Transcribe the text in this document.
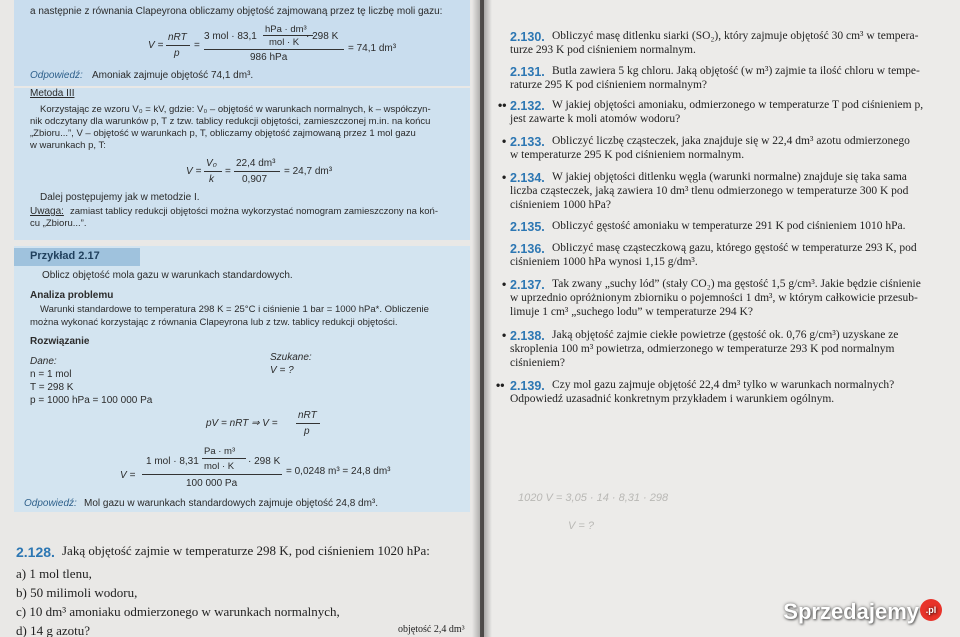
a następnie z równania Clapeyrona obliczamy objętość zajmowaną przez tę liczbę moli gazu:
V =
nRT
p
=
3 mol · 83,1
hPa · dm³
mol · K
· 298 K
986 hPa
= 74,1 dm³
Odpowiedź: Amoniak zajmuje objętość 74,1 dm³.
Metoda III
Korzystając ze wzoru V₀ = kV, gdzie: V₀ – objętość w warunkach normalnych, k – współczyn-
nik odczytany dla warunków p, T z tzw. tablicy redukcji objętości, zamieszczonej m.in. na końcu
„Zbioru...”, V – objętość w warunkach p, T, obliczamy objętość zajmowaną przez 1 mol gazu
w warunkach p, T:
V =
V₀
k
=
22,4 dm³
0,907
= 24,7 dm³
Dalej postępujemy jak w metodzie I.
Uwaga: zamiast tablicy redukcji objętości można wykorzystać nomogram zamieszczony na koń-
cu „Zbioru...”.
Przykład 2.17
Oblicz objętość mola gazu w warunkach standardowych.
Analiza problemu
Warunki standardowe to temperatura 298 K = 25°C i ciśnienie 1 bar = 1000 hPa*. Obliczenie
można wykonać korzystając z równania Clapeyrona lub z tzw. tablicy redukcji objętości.
Rozwiązanie
Dane:
n = 1 mol
T = 298 K
p = 1000 hPa = 100 000 Pa
Szukane:
V = ?
pV = nRT ⇒ V =
nRT
p
V =
1 mol · 8,31
Pa · m³
mol · K · 298 K
100 000 Pa
= 0,0248 m³ = 24,8 dm³
Odpowiedź: Mol gazu w warunkach standardowych zajmuje objętość 24,8 dm³.
2.128. Jaką objętość zajmie w temperaturze 298 K, pod ciśnieniem 1020 hPa:
a) 1 mol tlenu,
b) 50 milimoli wodoru,
c) 10 dm³ amoniaku odmierzonego w warunkach normalnych,
d) 14 g azotu?	objętość 2,4 dm³
2.130. Obliczyć masę ditlenku siarki (SO₂), który zajmuje objętość 30 cm³ w tempera-
turze 293 K pod ciśnieniem normalnym.
2.131. Butla zawiera 5 kg chloru. Jaką objętość (w m³) zajmie ta ilość chloru w tempe-
raturze 295 K pod ciśnieniem normalnym?
•• 2.132. W jakiej objętości amoniaku, odmierzonego w temperaturze T pod ciśnieniem p,
jest zawarte k moli atomów wodoru?
• 2.133. Obliczyć liczbę cząsteczek, jaka znajduje się w 22,4 dm³ azotu odmierzonego
w temperaturze 295 K pod ciśnieniem normalnym.
• 2.134. W jakiej objętości ditlenku węgla (warunki normalne) znajduje się taka sama
liczba cząsteczek, jaką zawiera 10 dm³ tlenu odmierzonego w temperaturze 300 K pod
ciśnieniem 1000 hPa?
2.135. Obliczyć gęstość amoniaku w temperaturze 291 K pod ciśnieniem 1010 hPa.
2.136. Obliczyć masę cząsteczkową gazu, którego gęstość w temperaturze 293 K, pod
ciśnieniem 1000 hPa wynosi 1,15 g/dm³.
• 2.137. Tak zwany „suchy lód” (stały CO₂) ma gęstość 1,5 g/cm³. Jakie będzie ciśnienie
w uprzednio opróżnionym zbiorniku o pojemności 1 dm³, w którym całkowicie przesub-
limuje 1 cm³ „suchego lodu” w temperaturze 294 K?
• 2.138. Jaką objętość zajmie ciekłe powietrze (gęstość ok. 0,76 g/cm³) uzyskane ze
skroplenia 100 m³ powietrza, odmierzonego w temperaturze 293 K pod normalnym
ciśnieniem?
•• 2.139. Czy mol gazu zajmuje objętość 22,4 dm³ tylko w warunkach normalnych?
Odpowiedź uzasadnić konkretnym przykładem i warunkiem ogólnym.
1020 V = 3,05 · 14 · 8,31 · 298
V = ?
Sprzedajemy .pl
